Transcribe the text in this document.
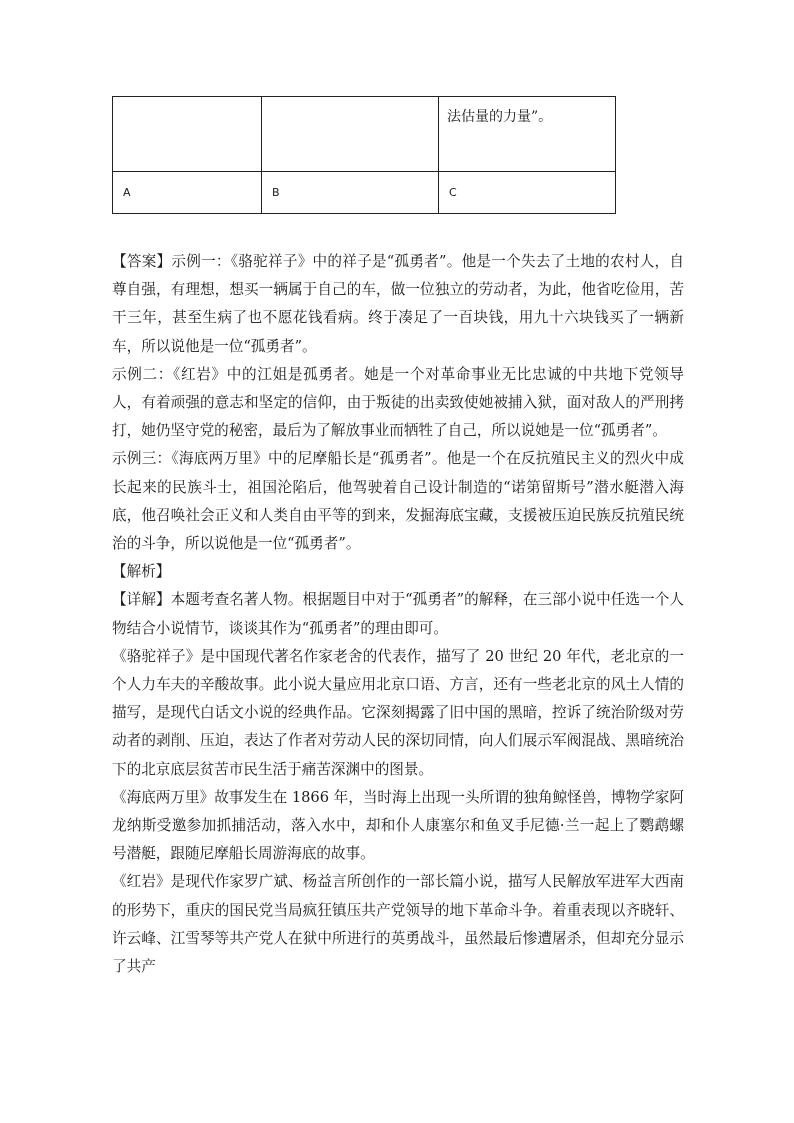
		法估量的力量”。

A	B	C

【答案】示例一：《骆驼祥子》中的祥子是“孤勇者”。他是一个失去了土地的农村人，自尊自强，有理想，想买一辆属于自己的车，做一位独立的劳动者，为此，他省吃俭用，苦干三年，甚至生病了也不愿花钱看病。终于凑足了一百块钱，用九十六块钱买了一辆新车，所以说他是一位“孤勇者”。

示例二：《红岩》中的江姐是孤勇者。她是一个对革命事业无比忠诚的中共地下党领导人，有着顽强的意志和坚定的信仰，由于叛徒的出卖致使她被捕入狱，面对敌人的严刑拷打，她仍坚守党的秘密，最后为了解放事业而牺牲了自己，所以说她是一位“孤勇者”。

示例三：《海底两万里》中的尼摩船长是“孤勇者”。他是一个在反抗殖民主义的烈火中成长起来的民族斗士，祖国沦陷后，他驾驶着自己设计制造的“诺第留斯号”潜水艇潜入海底，他召唤社会正义和人类自由平等的到来，发掘海底宝藏，支援被压迫民族反抗殖民统治的斗争，所以说他是一位“孤勇者”。

【解析】

【详解】本题考查名著人物。根据题目中对于“孤勇者”的解释，在三部小说中任选一个人物结合小说情节，谈谈其作为“孤勇者”的理由即可。

《骆驼祥子》是中国现代著名作家老舍的代表作，描写了 20 世纪 20 年代，老北京的一个人力车夫的辛酸故事。此小说大量应用北京口语、方言，还有一些老北京的风土人情的描写，是现代白话文小说的经典作品。它深刻揭露了旧中国的黑暗，控诉了统治阶级对劳动者的剥削、压迫，表达了作者对劳动人民的深切同情，向人们展示军阀混战、黑暗统治下的北京底层贫苦市民生活于痛苦深渊中的图景。

《海底两万里》故事发生在 1866 年，当时海上出现一头所谓的独角鲸怪兽，博物学家阿龙纳斯受邀参加抓捕活动，落入水中，却和仆人康塞尔和鱼叉手尼德·兰一起上了鹦鹉螺号潜艇，跟随尼摩船长周游海底的故事。

《红岩》是现代作家罗广斌、杨益言所创作的一部长篇小说，描写人民解放军进军大西南的形势下，重庆的国民党当局疯狂镇压共产党领导的地下革命斗争。着重表现以齐晓轩、许云峰、江雪琴等共产党人在狱中所进行的英勇战斗，虽然最后惨遭屠杀，但却充分显示了共产
